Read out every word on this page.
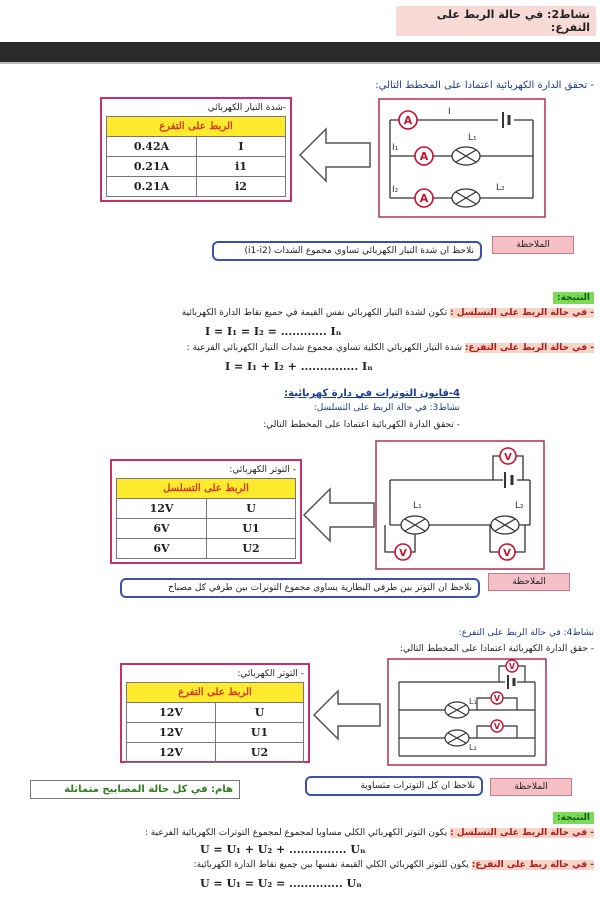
نشاط2: في حالة الربط على التفرع:
- تحقق الدارة الكهربائية اعتمادا على المخطط التالي:
-شدة التيار الكهربائي
الربط على التفرع	
0.42A	I
0.21A	i1
0.21A	i2
A
A
A
I
I₁
I₂
L₁
L₂
نلاحظ ان شدة التيار الكهربائي تساوي مجموع الشدات (i1-i2)
الملاحظة
النتيجة:
- في حالة الربط على التسلسل : تكون لشدة التيار الكهربائي نفس القيمة في جميع نقاط الدارة الكهربائية
I = I₁ = I₂ = ............ Iₙ
- في حالة الربط على التفرع: شدة التيار الكهربائي الكلية تساوي مجموع شدات التيار الكهربائي الفرعية :
I = I₁ + I₂ + ............... Iₙ
4-قانون التوترات في دارة كهربائية:
نشاط3: في حالة الربط على التسلسل:
- تحقق الدارة الكهربائية اعتمادا على المخطط التالي:
- التوتر الكهربائي:
الربط على التسلسل	
12V	U
6V	U1
6V	U2
V
V	V
L₁	L₂
نلاحظ ان التوتر بين طرفي البطارية يساوي مجموع التوترات بين طرفي كل مصباح
الملاحظة
نشاط4: في حالة الربط على التفرع:
- حقق الدارة الكهربائية اعتمادا على المخطط التالي:
- التوتر الكهربائي:
الربط على التفرع	
12V	U
12V	U1
12V	U2
V
V
V
L₁
L₂
هام: في كل حالة المصابيح متماثلة	نلاحظ ان كل التوترات متساوية	الملاحظة
النتيجة:
- في حالة الربط على التسلسل : يكون التوتر الكهربائي الكلي مساويا لمجموع لمجموع التوترات الكهربائية الفرعية :
U = U₁ + U₂ + ............... Uₙ
- في حالة ربط على التفرع: يكون للتوتر الكهربائي الكلي القيمة نفسها بين جميع نقاط الدارة الكهربائية:
U = U₁ = U₂ = .............. Uₙ
